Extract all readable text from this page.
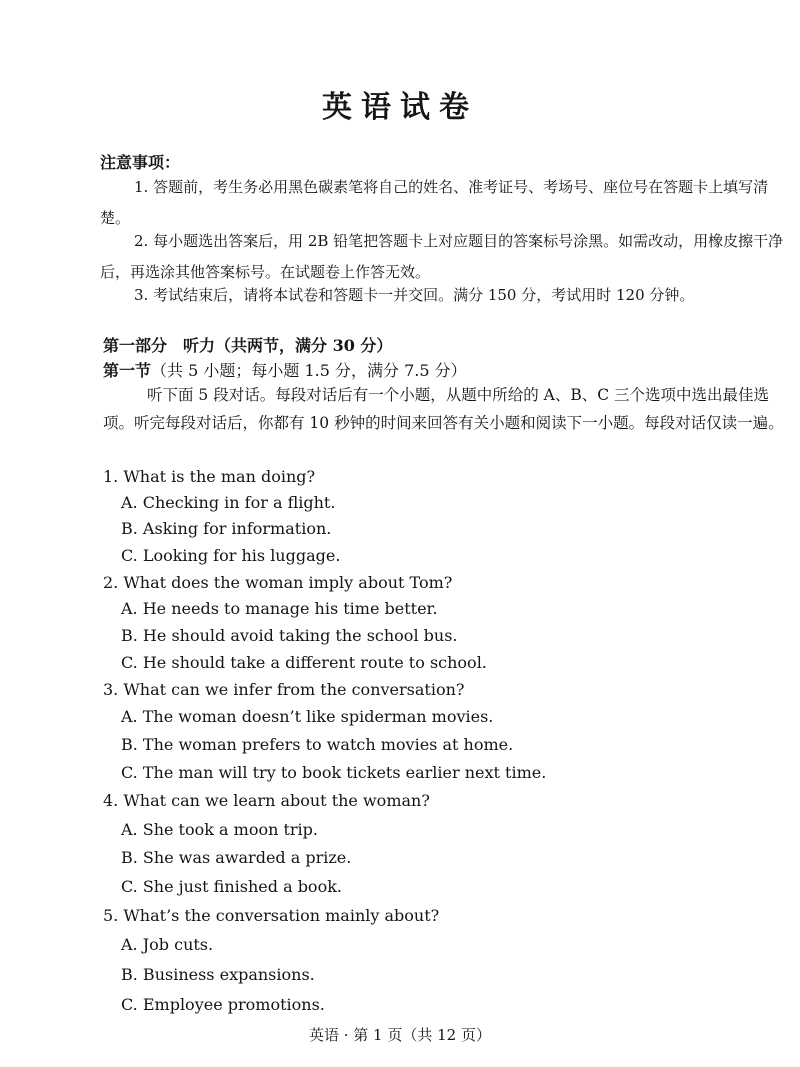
英语试卷
注意事项：
1. 答题前，考生务必用黑色碳素笔将自己的姓名、准考证号、考场号、座位号在答题卡上填写清楚。
2. 每小题选出答案后，用 2B 铅笔把答题卡上对应题目的答案标号涂黑。如需改动，用橡皮擦干净后，再选涂其他答案标号。在试题卷上作答无效。
3. 考试结束后，请将本试卷和答题卡一并交回。满分 150 分，考试用时 120 分钟。
第一部分　听力（共两节，满分 30 分）
第一节（共 5 小题；每小题 1.5 分，满分 7.5 分）
听下面 5 段对话。每段对话后有一个小题，从题中所给的 A、B、C 三个选项中选出最佳选项。听完每段对话后，你都有 10 秒钟的时间来回答有关小题和阅读下一小题。每段对话仅读一遍。
1. What is the man doing?
A. Checking in for a flight.
B. Asking for information.
C. Looking for his luggage.
2. What does the woman imply about Tom?
A. He needs to manage his time better.
B. He should avoid taking the school bus.
C. He should take a different route to school.
3. What can we infer from the conversation?
A. The woman doesn’t like spiderman movies.
B. The woman prefers to watch movies at home.
C. The man will try to book tickets earlier next time.
4. What can we learn about the woman?
A. She took a moon trip.
B. She was awarded a prize.
C. She just finished a book.
5. What’s the conversation mainly about?
A. Job cuts.
B. Business expansions.
C. Employee promotions.
英语 · 第 1 页（共 12 页）
